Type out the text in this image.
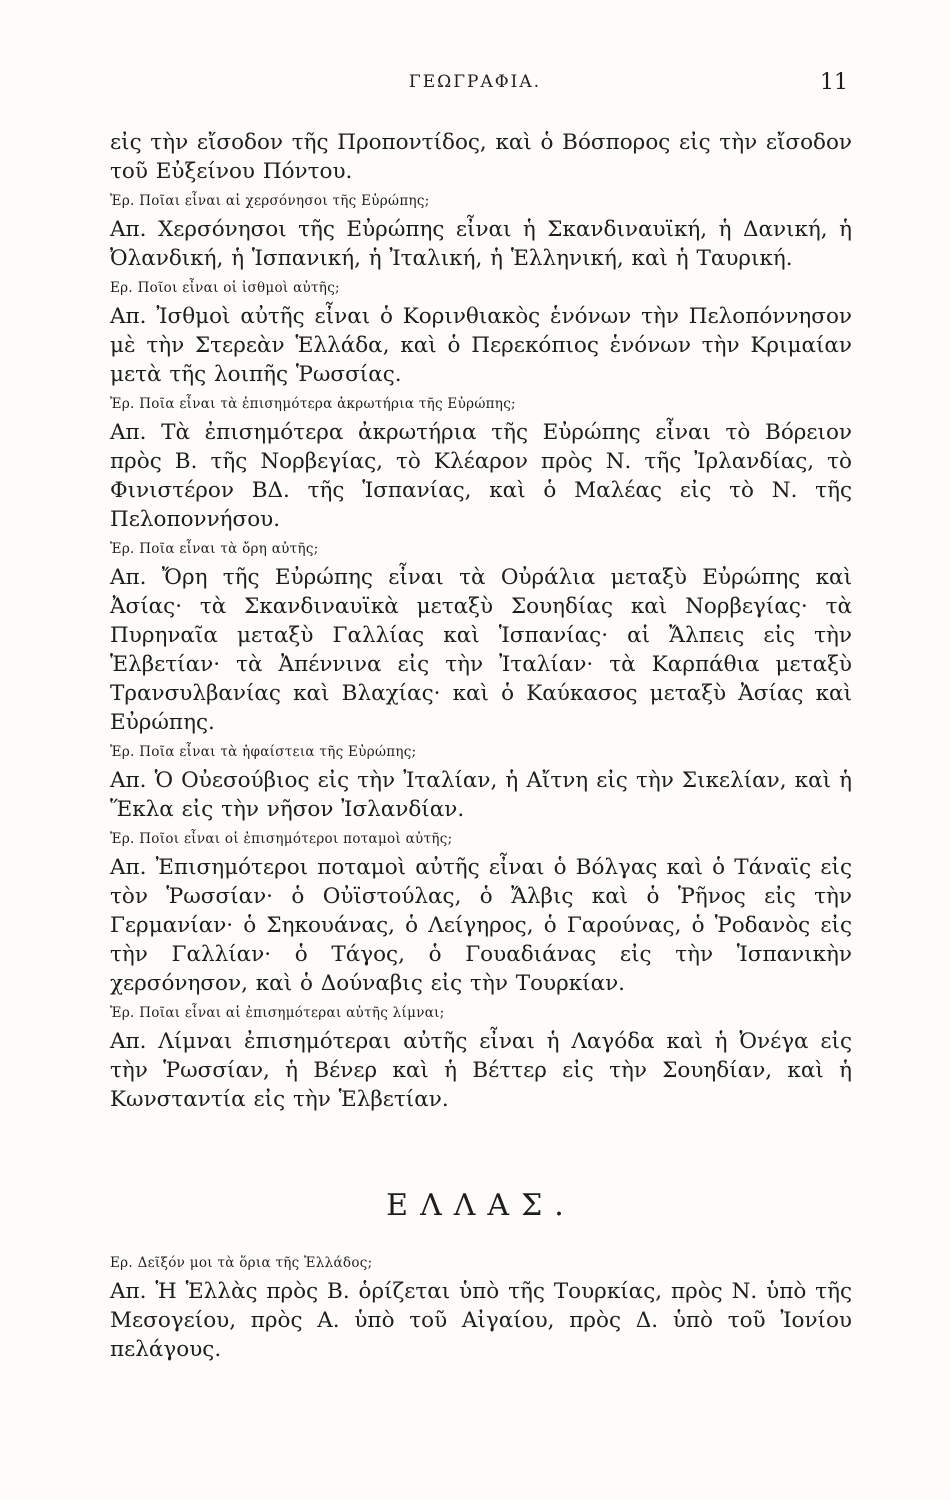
ΓΕΩΓΡΑΦΙΑ.	11

εἰς τὴν εἴσοδον τῆς Προποντίδος, καὶ ὁ Βόσπορος εἰς τὴν εἴσοδον τοῦ Εὐξείνου Πόντου.

Ἐρ. Ποῖαι εἶναι αἱ χερσόνησοι τῆς Εὐρώπης;

Απ. Χερσόνησοι τῆς Εὐρώπης εἶναι ἡ Σκανδιναυϊκή, ἡ Δανική, ἡ Ὀλανδική, ἡ Ἱσπανική, ἡ Ἰταλική, ἡ Ἑλληνική, καὶ ἡ Ταυρική.

Ερ. Ποῖοι εἶναι οἱ ἰσθμοὶ αὐτῆς;

Απ. Ἰσθμοὶ αὐτῆς εἶναι ὁ Κορινθιακὸς ἑνόνων τὴν Πελοπόννησον μὲ τὴν Στερεὰν Ἑλλάδα, καὶ ὁ Περεκόπιος ἑνόνων τὴν Κριμαίαν μετὰ τῆς λοιπῆς Ῥωσσίας.

Ἐρ. Ποῖα εἶναι τὰ ἐπισημότερα ἀκρωτήρια τῆς Εὐρώπης;

Απ. Τὰ ἐπισημότερα ἀκρωτήρια τῆς Εὐρώπης εἶναι τὸ Βόρειον πρὸς Β. τῆς Νορβεγίας, τὸ Κλέαρον πρὸς Ν. τῆς Ἰρλανδίας, τὸ Φινιστέρον ΒΔ. τῆς Ἱσπανίας, καὶ ὁ Μαλέας εἰς τὸ Ν. τῆς Πελοποννήσου.

Ἐρ. Ποῖα εἶναι τὰ ὄρη αὐτῆς;

Απ. Ὄρη τῆς Εὐρώπης εἶναι τὰ Οὐράλια μεταξὺ Εὐρώπης καὶ Ἀσίας· τὰ Σκανδιναυϊκὰ μεταξὺ Σουηδίας καὶ Νορβεγίας· τὰ Πυρηναῖα μεταξὺ Γαλλίας καὶ Ἱσπανίας· αἱ Ἄλπεις εἰς τὴν Ἑλβετίαν· τὰ Ἀπέννινα εἰς τὴν Ἰταλίαν· τὰ Καρπάθια μεταξὺ Τρανσυλβανίας καὶ Βλαχίας· καὶ ὁ Καύκασος μεταξὺ Ἀσίας καὶ Εὐρώπης.

Ἐρ. Ποῖα εἶναι τὰ ἡφαίστεια τῆς Εὐρώπης;

Απ. Ὁ Οὐεσούβιος εἰς τὴν Ἰταλίαν, ἡ Αἴτνη εἰς τὴν Σικελίαν, καὶ ἡ Ἕκλα εἰς τὴν νῆσον Ἰσλανδίαν.

Ἐρ. Ποῖοι εἶναι οἱ ἐπισημότεροι ποταμοὶ αὐτῆς;

Απ. Ἐπισημότεροι ποταμοὶ αὐτῆς εἶναι ὁ Βόλγας καὶ ὁ Τάναϊς εἰς τὸν Ῥωσσίαν· ὁ Οὐϊστούλας, ὁ Ἄλβις καὶ ὁ Ῥῆνος εἰς τὴν Γερμανίαν· ὁ Σηκουάνας, ὁ Λείγηρος, ὁ Γαρούνας, ὁ Ῥοδανὸς εἰς τὴν Γαλλίαν· ὁ Τάγος, ὁ Γουαδιάνας εἰς τὴν Ἱσπανικὴν χερσόνησον, καὶ ὁ Δούναβις εἰς τὴν Τουρκίαν.

Ἐρ. Ποῖαι εἶναι αἱ ἐπισημότεραι αὐτῆς λίμναι;

Απ. Λίμναι ἐπισημότεραι αὐτῆς εἶναι ἡ Λαγόδα καὶ ἡ Ὀνέγα εἰς τὴν Ῥωσσίαν, ἡ Βένερ καὶ ἡ Βέττερ εἰς τὴν Σουηδίαν, καὶ ἡ Κωνσταντία εἰς τὴν Ἑλβετίαν.

ΕΛΛΑΣ.
Ερ. Δεῖξόν μοι τὰ ὅρια τῆς Ἑλλάδος;

Απ. Ἡ Ἑλλὰς πρὸς Β. ὁρίζεται ὑπὸ τῆς Τουρκίας, πρὸς Ν. ὑπὸ τῆς Μεσογείου, πρὸς Α. ὑπὸ τοῦ Αἰγαίου, πρὸς Δ. ὑπὸ τοῦ Ἰονίου πελάγους.
